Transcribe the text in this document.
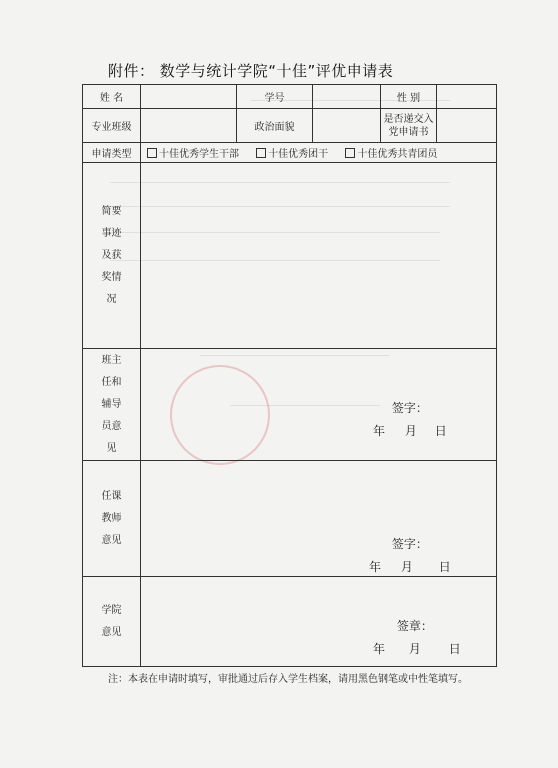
附件： 数学与统计学院“十佳”评优申请表
姓 名		学号		性 别	
专业班级		政治面貌		是否递交入党申请书	
申请类型	十佳优秀学生干部 十佳优秀团干 十佳优秀共青团员				
简要事迹及获奖情况					
班主任和辅导员意见	签字：
年 月 日				

任课教师意见	签字：
年 月 日				

学院意见	签章：
年 月 日				
注：本表在申请时填写，审批通过后存入学生档案，请用黑色钢笔或中性笔填写。
